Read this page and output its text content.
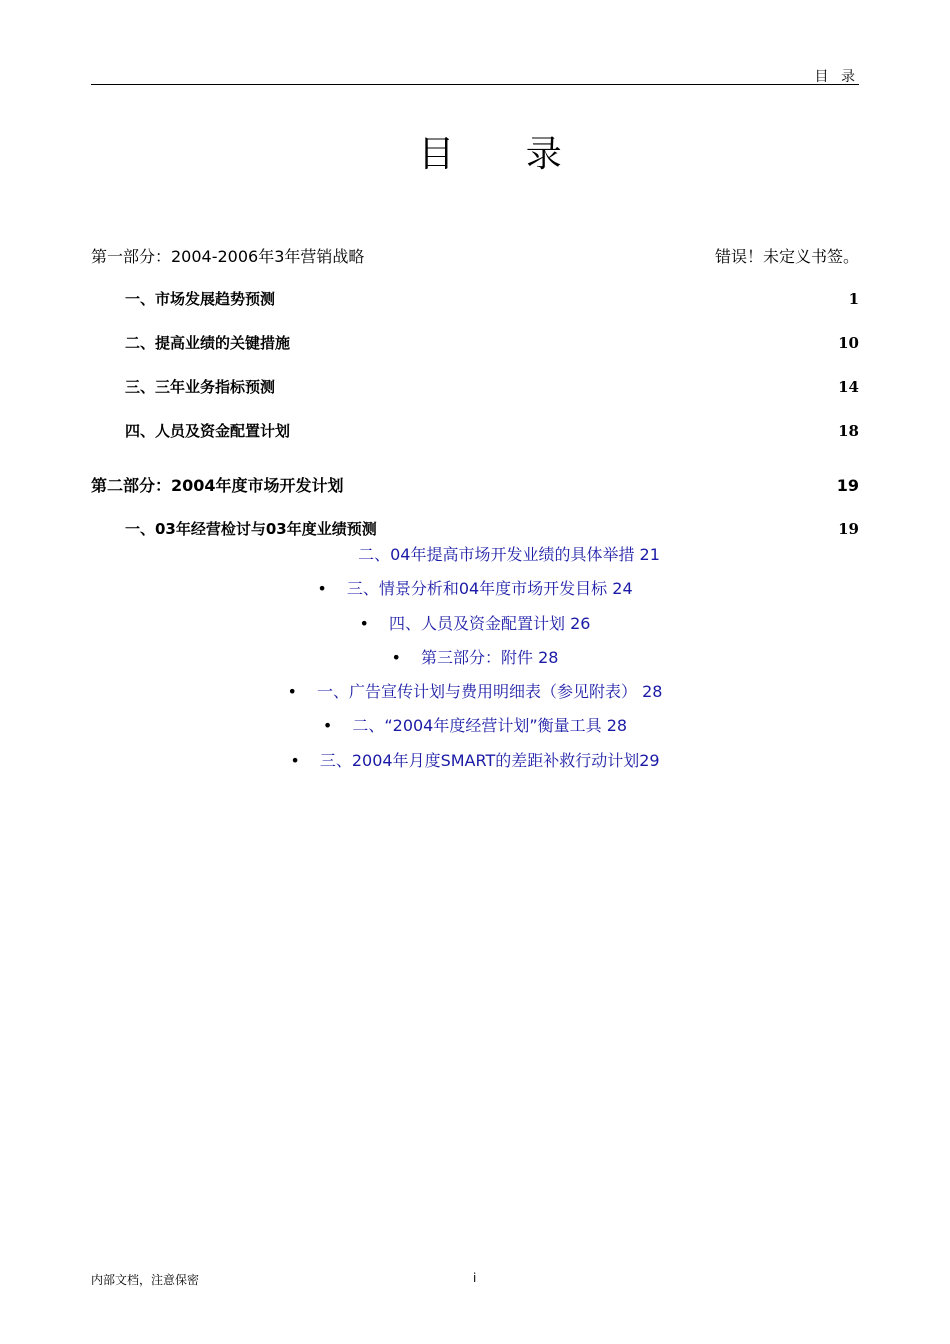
目 录
目 录
第一部分：2004-2006年3年营销战略	错误！未定义书签。
一、市场发展趋势预测	1
二、提高业绩的关键措施	10
三、三年业务指标预测	14
四、人员及资金配置计划	18
第二部分：2004年度市场开发计划	19
一、03年经营检讨与03年度业绩预测	19
二、04年提高市场开发业绩的具体举措 21
• 三、情景分析和04年度市场开发目标 24
• 四、人员及资金配置计划 26
• 第三部分：附件 28
• 一、广告宣传计划与费用明细表（参见附表） 28
• 二、“2004年度经营计划”衡量工具 28
• 三、2004年月度SMART的差距补救行动计划29
内部文档，注意保密	i
